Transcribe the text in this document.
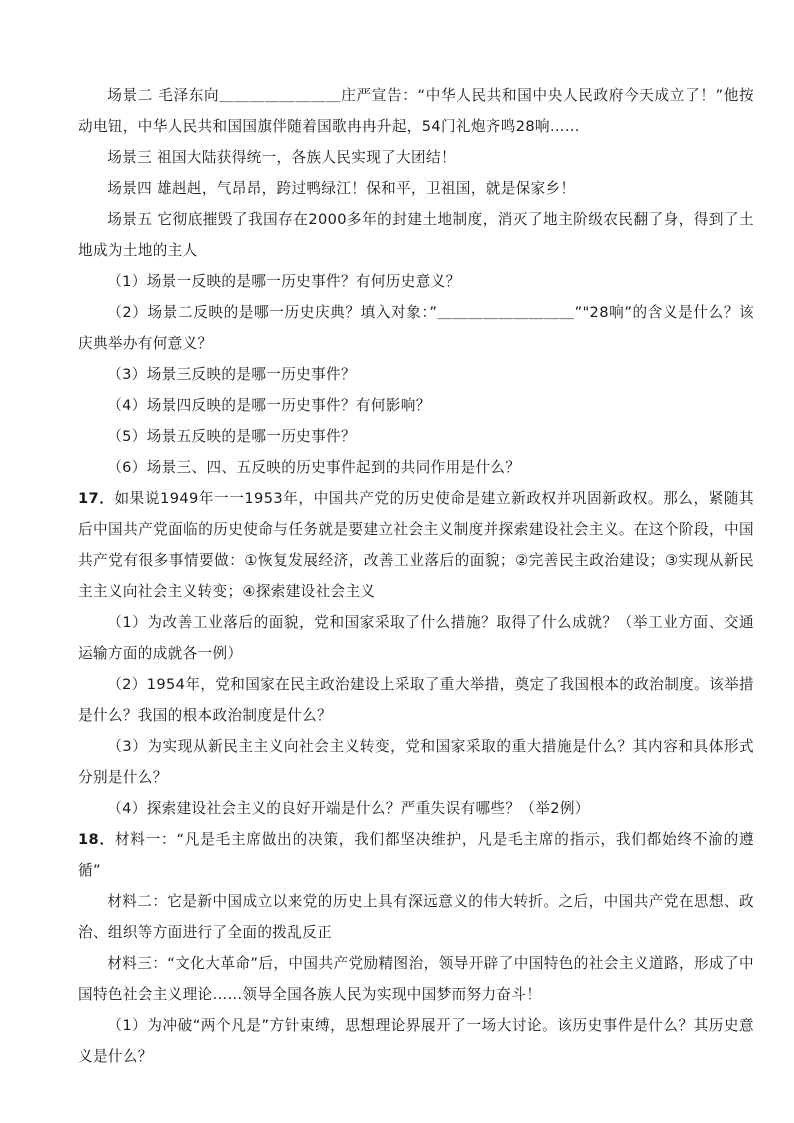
场景二 毛泽东向＿＿＿＿＿＿＿＿庄严宣告：“中华人民共和国中央人民政府今天成立了！”他按动电钮，中华人民共和国国旗伴随着国歌冉冉升起，54门礼炮齐鸣28响……

场景三 祖国大陆获得统一，各族人民实现了大团结！

场景四 雄赳赳，气昂昂，跨过鸭绿江！保和平，卫祖国，就是保家乡！

场景五 它彻底摧毁了我国存在2000多年的封建土地制度，消灭了地主阶级农民翻了身，得到了土地成为土地的主人

（1）场景一反映的是哪一历史事件？有何历史意义？

（2）场景二反映的是哪一历史庆典？填入对象：”＿＿＿＿＿＿＿＿＿”"28响”的含义是什么？该庆典举办有何意义？

（3）场景三反映的是哪一历史事件？

（4）场景四反映的是哪一历史事件？有何影响？

（5）场景五反映的是哪一历史事件？

（6）场景三、四、五反映的历史事件起到的共同作用是什么？

17．如果说1949年一一1953年，中国共产党的历史使命是建立新政权并巩固新政权。那么，紧随其后中国共产党面临的历史使命与任务就是要建立社会主义制度并探索建设社会主义。在这个阶段，中国共产党有很多事情要做：①恢复发展经济，改善工业落后的面貌；②完善民主政治建设；③实现从新民主主义向社会主义转变；④探索建设社会主义

（1）为改善工业落后的面貌，党和国家采取了什么措施？取得了什么成就？（举工业方面、交通运输方面的成就各一例）

（2）1954年，党和国家在民主政治建设上采取了重大举措，奠定了我国根本的政治制度。该举措是什么？我国的根本政治制度是什么？

（3）为实现从新民主主义向社会主义转变，党和国家采取的重大措施是什么？其内容和具体形式分别是什么？

（4）探索建设社会主义的良好开端是什么？严重失误有哪些？（举2例）

18．材料一：“凡是毛主席做出的决策，我们都坚决维护，凡是毛主席的指示，我们都始终不渝的遵循”

材料二：它是新中国成立以来党的历史上具有深远意义的伟大转折。之后，中国共产党在思想、政治、组织等方面进行了全面的拨乱反正

材料三：“文化大革命”后，中国共产党励精图治，领导开辟了中国特色的社会主义道路，形成了中国特色社会主义理论……领导全国各族人民为实现中国梦而努力奋斗！

（1）为冲破“两个凡是”方针束缚，思想理论界展开了一场大讨论。该历史事件是什么？其历史意义是什么？
